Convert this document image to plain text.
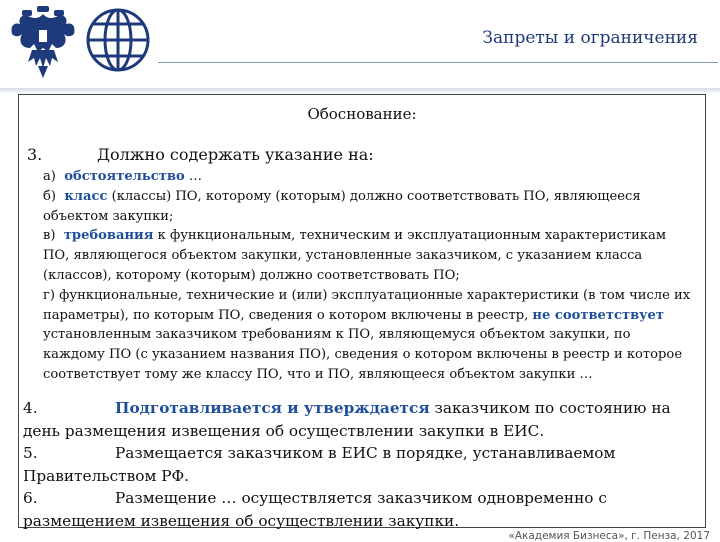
Запреты и ограничения
Обоснование:
3.	Должно содержать указание на:

а) обстоятельство …

б) класс (классы) ПО, которому (которым) должно соответствовать ПО, являющееся объектом закупки;

в) требования к функциональным, техническим и эксплуатационным характеристикам ПО, являющегося объектом закупки, установленные заказчиком, с указанием класса (классов), которому (которым) должно соответствовать ПО;

г) функциональные, технические и (или) эксплуатационные характеристики (в том числе их параметры), по которым ПО, сведения о котором включены в реестр, не соответствует установленным заказчиком требованиям к ПО, являющемуся объектом закупки, по каждому ПО (с указанием названия ПО), сведения о котором включены в реестр и которое соответствует тому же классу ПО, что и ПО, являющееся объектом закупки …

4.	Подготавливается и утверждается заказчиком по состоянию на день размещения извещения об осуществлении закупки в ЕИС.

5.	Размещается заказчиком в ЕИС в порядке, устанавливаемом Правительством РФ.

6.	Размещение … осуществляется заказчиком одновременно с размещением извещения об осуществлении закупки.

«Академия Бизнеса», г. Пенза, 2017
